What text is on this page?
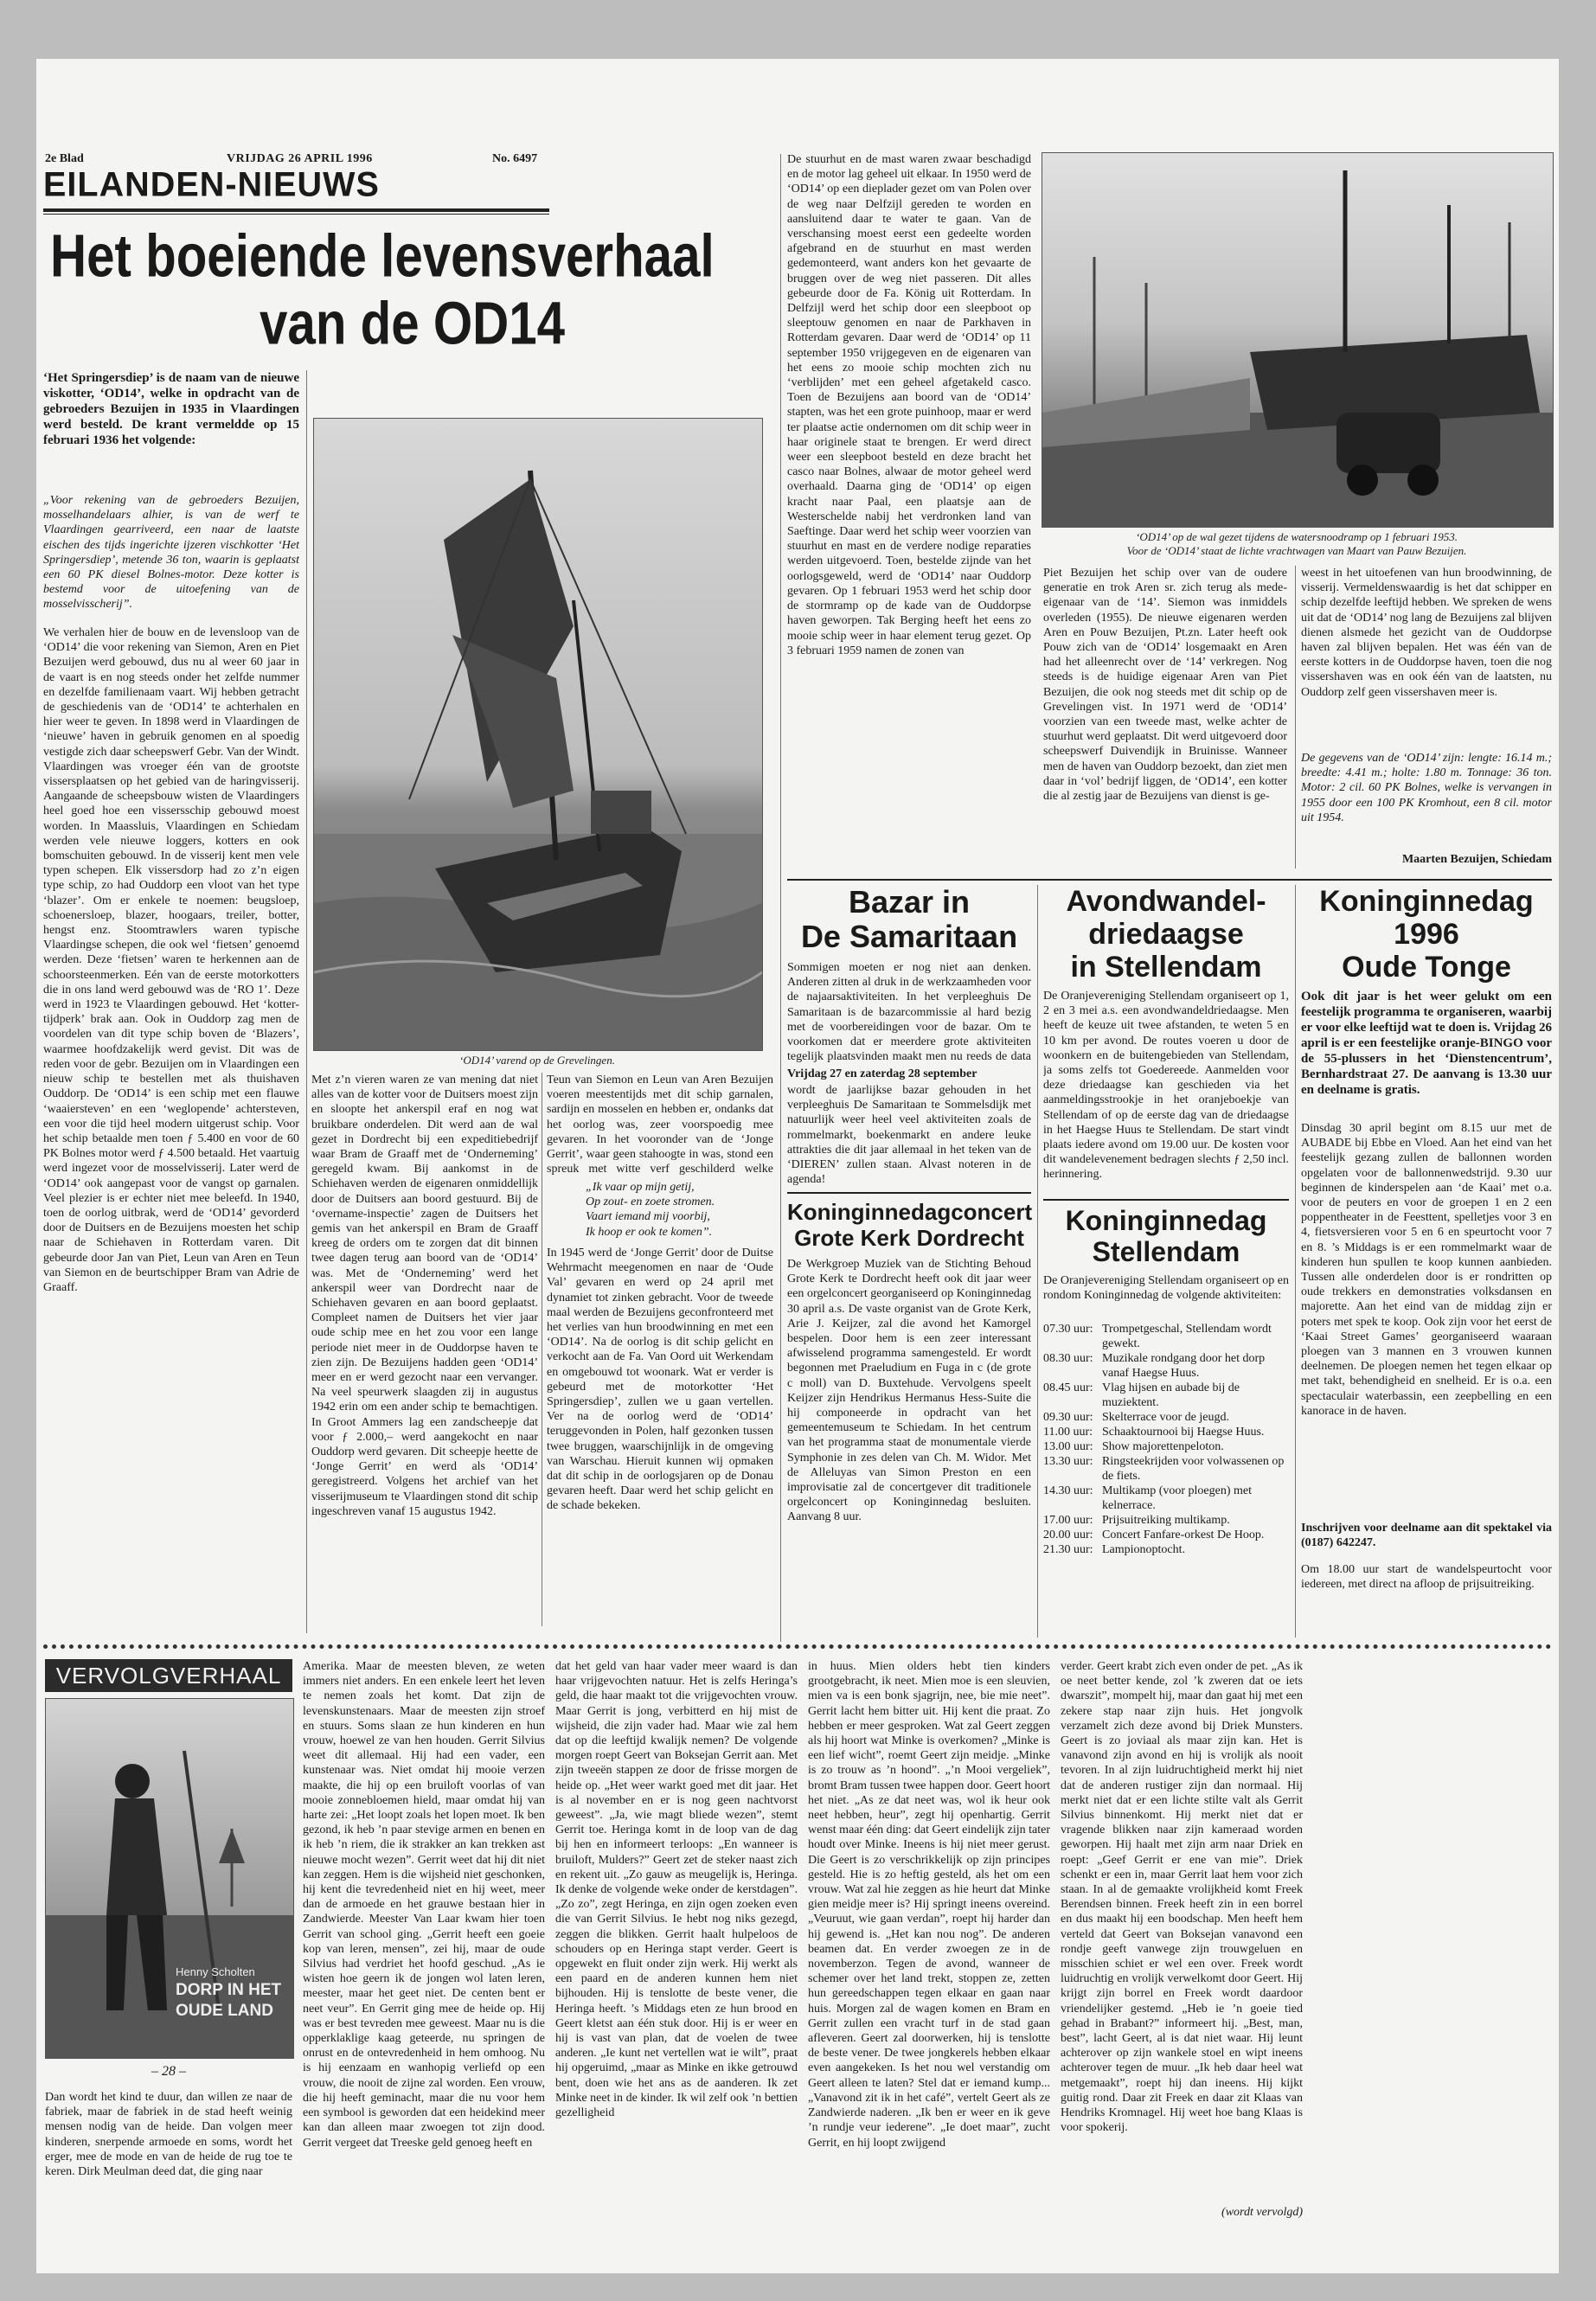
2e Blad	VRIJDAG 26 APRIL 1996	No. 6497
EILANDEN-NIEUWS
Het boeiende levensverhaal
van de OD14
‘Het Springersdiep’ is de naam van de nieuwe viskotter, ‘OD14’, welke in opdracht van de gebroeders Bezuijen in 1935 in Vlaardingen werd besteld. De krant vermeldde op 15 februari 1936 het volgende:
„Voor rekening van de gebroeders Bezuijen, mosselhandelaars alhier, is van de werf te Vlaardingen gearriveerd, een naar de laatste eischen des tijds ingerichte ijzeren vischkotter ‘Het Springersdiep’, metende 36 ton, waarin is geplaatst een 60 PK diesel Bolnes-motor. Deze kotter is bestemd voor de uitoefening van de mosselvisscherij”.
We verhalen hier de bouw en de levensloop van de ‘OD14’ die voor rekening van Siemon, Aren en Piet Bezuijen werd gebouwd, dus nu al weer 60 jaar in de vaart is en nog steeds onder het zelfde nummer en dezelfde familienaam vaart. Wij hebben getracht de geschiedenis van de ‘OD14’ te achterhalen en hier weer te geven. In 1898 werd in Vlaardingen de ‘nieuwe’ haven in gebruik genomen en al spoedig vestigde zich daar scheepswerf Gebr. Van der Windt. Vlaardingen was vroeger één van de grootste vissersplaatsen op het gebied van de haringvisserij. Aangaande de scheepsbouw wisten de Vlaardingers heel goed hoe een vissersschip gebouwd moest worden. In Maassluis, Vlaardingen en Schiedam werden vele nieuwe loggers, kotters en ook bomschuiten gebouwd. In de visserij kent men vele typen schepen. Elk vissersdorp had zo z’n eigen type schip, zo had Ouddorp een vloot van het type ‘blazer’. Om er enkele te noemen: beugsloep, schoenersloep, blazer, hoogaars, treiler, botter, hengst enz. Stoomtrawlers waren typische Vlaardingse schepen, die ook wel ‘fietsen’ genoemd werden. Deze ‘fietsen’ waren te herkennen aan de schoorsteenmerken. Eén van de eerste motorkotters die in ons land werd gebouwd was de ‘RO 1’. Deze werd in 1923 te Vlaardingen gebouwd. Het ‘kotter-tijdperk’ brak aan. Ook in Ouddorp zag men de voordelen van dit type schip boven de ‘Blazers’, waarmee hoofdzakelijk werd gevist. Dit was de reden voor de gebr. Bezuijen om in Vlaardingen een nieuw schip te bestellen met als thuishaven Ouddorp. De ‘OD14’ is een schip met een flauwe ‘waaiersteven’ en een ‘weglopende’ achtersteven, een voor die tijd heel modern uitgerust schip. Voor het schip betaalde men toen ƒ 5.400 en voor de 60 PK Bolnes motor werd ƒ 4.500 betaald. Het vaartuig werd ingezet voor de mosselvisserij. Later werd de ‘OD14’ ook aangepast voor de vangst op garnalen. Veel plezier is er echter niet mee beleefd. In 1940, toen de oorlog uitbrak, werd de ‘OD14’ gevorderd door de Duitsers en de Bezuijens moesten het schip naar de Schiehaven in Rotterdam varen. Dit gebeurde door Jan van Piet, Leun van Aren en Teun van Siemon en de beurtschipper Bram van Adrie de Graaff.
‘OD14’ varend op de Grevelingen.
Met z’n vieren waren ze van mening dat niet alles van de kotter voor de Duitsers moest zijn en sloopte het ankerspil eraf en nog wat bruikbare onderdelen. Dit werd aan de wal gezet in Dordrecht bij een expeditiebedrijf waar Bram de Graaff met de ‘Onderneming’ geregeld kwam. Bij aankomst in de Schiehaven werden de eigenaren onmiddellijk door de Duitsers aan boord gestuurd. Bij de ‘overname-inspectie’ zagen de Duitsers het gemis van het ankerspil en Bram de Graaff kreeg de orders om te zorgen dat dit binnen twee dagen terug aan boord van de ‘OD14’ was. Met de ‘Onderneming’ werd het ankerspil weer van Dordrecht naar de Schiehaven gevaren en aan boord geplaatst. Compleet namen de Duitsers het vier jaar oude schip mee en het zou voor een lange periode niet meer in de Ouddorpse haven te zien zijn. De Bezuijens hadden geen ‘OD14’ meer en er werd gezocht naar een vervanger. Na veel speurwerk slaagden zij in augustus 1942 erin om een ander schip te bemachtigen. In Groot Ammers lag een zandscheepje dat voor ƒ 2.000,– werd aangekocht en naar Ouddorp werd gevaren. Dit scheepje heette de ‘Jonge Gerrit’ en werd als ‘OD14’ geregistreerd. Volgens het archief van het visserijmuseum te Vlaardingen stond dit schip ingeschreven vanaf 15 augustus 1942.
Teun van Siemon en Leun van Aren Bezuijen voeren meestentijds met dit schip garnalen, sardijn en mosselen en hebben er, ondanks dat het oorlog was, zeer voorspoedig mee gevaren. In het vooronder van de ‘Jonge Gerrit’, waar geen stahoogte in was, stond een spreuk met witte verf geschilderd welke
„Ik vaar op mijn getij,
Op zout- en zoete stromen.
Vaart iemand mij voorbij,
Ik hoop er ook te komen”.
In 1945 werd de ‘Jonge Gerrit’ door de Duitse Wehrmacht meegenomen en naar de ‘Oude Val’ gevaren en werd op 24 april met dynamiet tot zinken gebracht. Voor de tweede maal werden de Bezuijens geconfronteerd met het verlies van hun broodwinning en met een ‘OD14’. Na de oorlog is dit schip gelicht en verkocht aan de Fa. Van Oord uit Werkendam en omgebouwd tot woonark. Wat er verder is gebeurd met de motorkotter ‘Het Springersdiep’, zullen we u gaan vertellen. Ver na de oorlog werd de ‘OD14’ teruggevonden in Polen, half gezonken tussen twee bruggen, waarschijnlijk in de omgeving van Warschau. Hieruit kunnen wij opmaken dat dit schip in de oorlogsjaren op de Donau gevaren heeft. Daar werd het schip gelicht en de schade bekeken.
De stuurhut en de mast waren zwaar beschadigd en de motor lag geheel uit elkaar. In 1950 werd de ‘OD14’ op een dieplader gezet om van Polen over de weg naar Delfzijl gereden te worden en aansluitend daar te water te gaan. Van de verschansing moest eerst een gedeelte worden afgebrand en de stuurhut en mast werden gedemonteerd, want anders kon het gevaarte de bruggen over de weg niet passeren. Dit alles gebeurde door de Fa. König uit Rotterdam. In Delfzijl werd het schip door een sleepboot op sleeptouw genomen en naar de Parkhaven in Rotterdam gevaren. Daar werd de ‘OD14’ op 11 september 1950 vrijgegeven en de eigenaren van het eens zo mooie schip mochten zich nu ‘verblijden’ met een geheel afgetakeld casco. Toen de Bezuijens aan boord van de ‘OD14’ stapten, was het een grote puinhoop, maar er werd ter plaatse actie ondernomen om dit schip weer in haar originele staat te brengen. Er werd direct weer een sleepboot besteld en deze bracht het casco naar Bolnes, alwaar de motor geheel werd overhaald. Daarna ging de ‘OD14’ op eigen kracht naar Paal, een plaatsje aan de Westerschelde nabij het verdronken land van Saeftinge. Daar werd het schip weer voorzien van stuurhut en mast en de verdere nodige reparaties werden uitgevoerd. Toen, bestelde zijnde van het oorlogsgeweld, werd de ‘OD14’ naar Ouddorp gevaren. Op 1 februari 1953 werd het schip door de stormramp op de kade van de Ouddorpse haven geworpen. Tak Berging heeft het eens zo mooie schip weer in haar element terug gezet. Op 3 februari 1959 namen de zonen van
‘OD14’ op de wal gezet tijdens de watersnoodramp op 1 februari 1953.
Voor de ‘OD14’ staat de lichte vrachtwagen van Maart van Pauw Bezuijen.
Piet Bezuijen het schip over van de oudere generatie en trok Aren sr. zich terug als mede-eigenaar van de ‘14’. Siemon was inmiddels overleden (1955). De nieuwe eigenaren werden Aren en Pouw Bezuijen, Pt.zn. Later heeft ook Pouw zich van de ‘OD14’ losgemaakt en Aren had het alleenrecht over de ‘14’ verkregen. Nog steeds is de huidige eigenaar Aren van Piet Bezuijen, die ook nog steeds met dit schip op de Grevelingen vist. In 1971 werd de ‘OD14’ voorzien van een tweede mast, welke achter de stuurhut werd geplaatst. Dit werd uitgevoerd door scheepswerf Duivendijk in Bruinisse. Wanneer men de haven van Ouddorp bezoekt, dan ziet men daar in ‘vol’ bedrijf liggen, de ‘OD14’, een kotter die al zestig jaar de Bezuijens van dienst is ge-
weest in het uitoefenen van hun broodwinning, de visserij. Vermeldenswaardig is het dat schipper en schip dezelfde leeftijd hebben. We spreken de wens uit dat de ‘OD14’ nog lang de Bezuijens zal blijven dienen alsmede het gezicht van de Ouddorpse haven zal blijven bepalen. Het was één van de eerste kotters in de Ouddorpse haven, toen die nog vissershaven was en ook één van de laatsten, nu Ouddorp zelf geen vissershaven meer is.
De gegevens van de ‘OD14’ zijn: lengte: 16.14 m.; breedte: 4.41 m.; holte: 1.80 m. Tonnage: 36 ton. Motor: 2 cil. 60 PK Bolnes, welke is vervangen in 1955 door een 100 PK Kromhout, een 8 cil. motor uit 1954.
Maarten Bezuijen, Schiedam
Bazar in
De Samaritaan
Sommigen moeten er nog niet aan denken. Anderen zitten al druk in de werkzaamheden voor de najaarsaktiviteiten. In het verpleeghuis De Samaritaan is de bazarcommissie al hard bezig met de voorbereidingen voor de bazar. Om te voorkomen dat er meerdere grote aktiviteiten tegelijk plaatsvinden maakt men nu reeds de data
Vrijdag 27 en zaterdag 28 september
wordt de jaarlijkse bazar gehouden in het verpleeghuis De Samaritaan te Sommelsdijk met natuurlijk weer heel veel aktiviteiten zoals de rommelmarkt, boekenmarkt en andere leuke attrakties die dit jaar allemaal in het teken van de ‘DIEREN’ zullen staan. Alvast noteren in de agenda!
Koninginnedagconcert
Grote Kerk Dordrecht
De Werkgroep Muziek van de Stichting Behoud Grote Kerk te Dordrecht heeft ook dit jaar weer een orgelconcert georganiseerd op Koninginnedag 30 april a.s. De vaste organist van de Grote Kerk, Arie J. Keijzer, zal die avond het Kamorgel bespelen. Door hem is een zeer interessant afwisselend programma samengesteld. Er wordt begonnen met Praeludium en Fuga in c (de grote c moll) van D. Buxtehude. Vervolgens speelt Keijzer zijn Hendrikus Hermanus Hess-Suite die hij componeerde in opdracht van het gemeentemuseum te Schiedam. In het centrum van het programma staat de monumentale vierde Symphonie in zes delen van Ch. M. Widor. Met de Alleluyas van Simon Preston en een improvisatie zal de concertgever dit traditionele orgelconcert op Koninginnedag besluiten. Aanvang 8 uur.
Avondwandel-
driedaagse
in Stellendam
De Oranjevereniging Stellendam organiseert op 1, 2 en 3 mei a.s. een avondwandeldriedaagse. Men heeft de keuze uit twee afstanden, te weten 5 en 10 km per avond. De routes voeren u door de woonkern en de buitengebieden van Stellendam, ja soms zelfs tot Goedereede. Aanmelden voor deze driedaagse kan geschieden via het aanmeldingsstrookje in het oranjeboekje van Stellendam of op de eerste dag van de driedaagse in het Haegse Huus te Stellendam. De start vindt plaats iedere avond om 19.00 uur. De kosten voor dit wandelevenement bedragen slechts ƒ 2,50 incl. herinnering.
Koninginnedag
Stellendam
De Oranjevereniging Stellendam organiseert op en rondom Koninginnedag de volgende aktiviteiten:
07.30 uur:	Trompetgeschal, Stellendam wordt gewekt.
08.30 uur:	Muzikale rondgang door het dorp vanaf Haegse Huus.
08.45 uur:	Vlag hijsen en aubade bij de muziektent.
09.30 uur:	Skelterrace voor de jeugd.
11.00 uur:	Schaaktournooi bij Haegse Huus.
13.00 uur:	Show majorettenpeloton.
13.30 uur:	Ringsteekrijden voor volwassenen op de fiets.
14.30 uur:	Multikamp (voor ploegen) met kelnerrace.
17.00 uur:	Prijsuitreiking multikamp.
20.00 uur:	Concert Fanfare-orkest De Hoop.
21.30 uur:	Lampionoptocht.
Koninginnedag
1996
Oude Tonge
Ook dit jaar is het weer gelukt om een feestelijk programma te organiseren, waarbij er voor elke leeftijd wat te doen is. Vrijdag 26 april is er een feestelijke oranje-BINGO voor de 55-plussers in het ‘Dienstencentrum’, Bernhardstraat 27. De aanvang is 13.30 uur en deelname is gratis.
Dinsdag 30 april begint om 8.15 uur met de AUBADE bij Ebbe en Vloed. Aan het eind van het feestelijk gezang zullen de ballonnen worden opgelaten voor de ballonnenwedstrijd. 9.30 uur beginnen de kinderspelen aan ‘de Kaai’ met o.a. voor de peuters en voor de groepen 1 en 2 een poppentheater in de Feesttent, spelletjes voor 3 en 4, fietsversieren voor 5 en 6 en speurtocht voor 7 en 8. ’s Middags is er een rommelmarkt waar de kinderen hun spullen te koop kunnen aanbieden. Tussen alle onderdelen door is er rondritten op oude trekkers en demonstraties volksdansen en majorette. Aan het eind van de middag zijn er poters met spek te koop. Ook zijn voor het eerst de ‘Kaai Street Games’ georganiseerd waaraan ploegen van 3 mannen en 3 vrouwen kunnen deelnemen. De ploegen nemen het tegen elkaar op met takt, behendigheid en snelheid. Er is o.a. een spectaculair waterbassin, een zeepbelling en een kanorace in de haven.
Inschrijven voor deelname aan dit spektakel via (0187) 642247.
Om 18.00 uur start de wandelspeurtocht voor iedereen, met direct na afloop de prijsuitreiking.
VERVOLGVERHAAL
Henny Scholten
DORP IN HET
OUDE LAND
– 28 –
Dan wordt het kind te duur, dan willen ze naar de fabriek, maar de fabriek in de stad heeft weinig mensen nodig van de heide. Dan volgen meer kinderen, snerpende armoede en soms, wordt het erger, mee de mode en van de heide de rug toe te keren. Dirk Meulman deed dat, die ging naar
Amerika. Maar de meesten bleven, ze weten immers niet anders. En een enkele leert het leven te nemen zoals het komt. Dat zijn de levenskunstenaars. Maar de meesten zijn stroef en stuurs. Soms slaan ze hun kinderen en hun vrouw, hoewel ze van hen houden. Gerrit Silvius weet dit allemaal. Hij had een vader, een kunstenaar was. Niet omdat hij mooie verzen maakte, die hij op een bruiloft voorlas of van mooie zonnebloemen hield, maar omdat hij van harte zei: „Het loopt zoals het lopen moet. Ik ben gezond, ik heb ’n paar stevige armen en benen en ik heb ’n riem, die ik strakker an kan trekken ast nieuwe mocht wezen”. Gerrit weet dat hij dit niet kan zeggen. Hem is die wijsheid niet geschonken, hij kent die tevredenheid niet en hij weet, meer dan de armoede en het grauwe bestaan hier in Zandwierde. Meester Van Laar kwam hier toen Gerrit van school ging. „Gerrit heeft een goeie kop van leren, mensen”, zei hij, maar de oude Silvius had verdriet het hoofd geschud. „As ie wisten hoe geern ik de jongen wol laten leren, meester, maar het geet niet. De centen bent er neet veur”. En Gerrit ging mee de heide op. Hij was er best tevreden mee geweest. Maar nu is die opperklaklige kaag geteerde, nu springen de onrust en de ontevredenheid in hem omhoog. Nu is hij eenzaam en wanhopig verliefd op een vrouw, die nooit de zijne zal worden. Een vrouw, die hij heeft geminacht, maar die nu voor hem een symbool is geworden dat een heidekind meer kan dan alleen maar zwoegen tot zijn dood. Gerrit vergeet dat Treeske geld genoeg heeft en
dat het geld van haar vader meer waard is dan haar vrijgevochten natuur. Het is zelfs Heringa’s geld, die haar maakt tot die vrijgevochten vrouw. Maar Gerrit is jong, verbitterd en hij mist de wijsheid, die zijn vader had. Maar wie zal hem dat op die leeftijd kwalijk nemen? De volgende morgen roept Geert van Boksejan Gerrit aan. Met zijn tweeën stappen ze door de frisse morgen de heide op. „Het weer warkt goed met dit jaar. Het is al november en er is nog geen nachtvorst geweest”. „Ja, wie magt bliede wezen”, stemt Gerrit toe. Heringa komt in de loop van de dag bij hen en informeert terloops: „En wanneer is bruiloft, Mulders?” Geert zet de steker naast zich en rekent uit. „Zo gauw as meugelijk is, Heringa. Ik denke de volgende weke onder de kerstdagen”. „Zo zo”, zegt Heringa, en zijn ogen zoeken even die van Gerrit Silvius. Ie hebt nog niks gezegd, zeggen die blikken. Gerrit haalt hulpeloos de schouders op en Heringa stapt verder. Geert is opgewekt en fluit onder zijn werk. Hij werkt als een paard en de anderen kunnen hem niet bijhouden. Hij is tenslotte de beste vener, die Heringa heeft. ’s Middags eten ze hun brood en Geert kletst aan één stuk door. Hij is er weer en hij is vast van plan, dat de voelen de twee anderen. „Ie kunt net vertellen wat ie wilt”, praat hij opgeruimd, „maar as Minke en ikke getrouwd bent, doen wie het ans as de aanderen. Ik zet Minke neet in de kinder. Ik wil zelf ook ’n bettien gezelligheid
in huus. Mien olders hebt tien kinders grootgebracht, ik neet. Mien moe is een sleuvien, mien va is een bonk sjagrijn, nee, bie mie neet”. Gerrit lacht hem bitter uit. Hij kent die praat. Zo hebben er meer gesproken. Wat zal Geert zeggen als hij hoort wat Minke is overkomen? „Minke is een lief wicht”, roemt Geert zijn meidje. „Minke is zo trouw as ’n hoond”. „’n Mooi vergeliek”, bromt Bram tussen twee happen door. Geert hoort het niet. „As ze dat neet was, wol ik heur ook neet hebben, heur”, zegt hij openhartig. Gerrit wenst maar één ding: dat Geert eindelijk zijn tater houdt over Minke. Ineens is hij niet meer gerust. Die Geert is zo verschrikkelijk op zijn principes gesteld. Hie is zo heftig gesteld, als het om een vrouw. Wat zal hie zeggen as hie heurt dat Minke gien meidje meer is? Hij springt ineens overeind. „Veuruut, wie gaan verdan”, roept hij harder dan hij gewend is. „Het kan nou nog”. De anderen beamen dat. En verder zwoegen ze in de novemberzon. Tegen de avond, wanneer de schemer over het land trekt, stoppen ze, zetten hun gereedschappen tegen elkaar en gaan naar huis. Morgen zal de wagen komen en Bram en Gerrit zullen een vracht turf in de stad gaan afleveren. Geert zal doorwerken, hij is tenslotte de beste vener. De twee jongkerels hebben elkaar even aangekeken. Is het nou wel verstandig om Geert alleen te laten? Stel dat er iemand kump... „Vanavond zit ik in het café”, vertelt Geert als ze Zandwierde naderen. „Ik ben er weer en ik geve ’n rundje veur iederene”. „Ie doet maar”, zucht Gerrit, en hij loopt zwijgend
verder. Geert krabt zich even onder de pet. „As ik oe neet better kende, zol ’k zweren dat oe iets dwarszit”, mompelt hij, maar dan gaat hij met een zekere stap naar zijn huis. Het jongvolk verzamelt zich deze avond bij Driek Munsters. Geert is zo joviaal als maar zijn kan. Het is vanavond zijn avond en hij is vrolijk als nooit tevoren. In al zijn luidruchtigheid merkt hij niet dat de anderen rustiger zijn dan normaal. Hij merkt niet dat er een lichte stilte valt als Gerrit Silvius binnenkomt. Hij merkt niet dat er vragende blikken naar zijn kameraad worden geworpen. Hij haalt met zijn arm naar Driek en roept: „Geef Gerrit er ene van mie”. Driek schenkt er een in, maar Gerrit laat hem voor zich staan. In al de gemaakte vrolijkheid komt Freek Berendsen binnen. Freek heeft zin in een borrel en dus maakt hij een boodschap. Men heeft hem verteld dat Geert van Boksejan vanavond een rondje geeft vanwege zijn trouwgeluen en misschien schiet er wel een over. Freek wordt luidruchtig en vrolijk verwelkomt door Geert. Hij krijgt zijn borrel en Freek wordt daardoor vriendelijker gestemd. „Heb ie ’n goeie tied gehad in Brabant?” informeert hij. „Best, man, best”, lacht Geert, al is dat niet waar. Hij leunt achterover op zijn wankele stoel en wipt ineens achterover tegen de muur. „Ik heb daar heel wat metgemaakt”, roept hij dan ineens. Hij kijkt guitig rond. Daar zit Freek en daar zit Klaas van Hendriks Kromnagel. Hij weet hoe bang Klaas is voor spokerij.
(wordt vervolgd)
